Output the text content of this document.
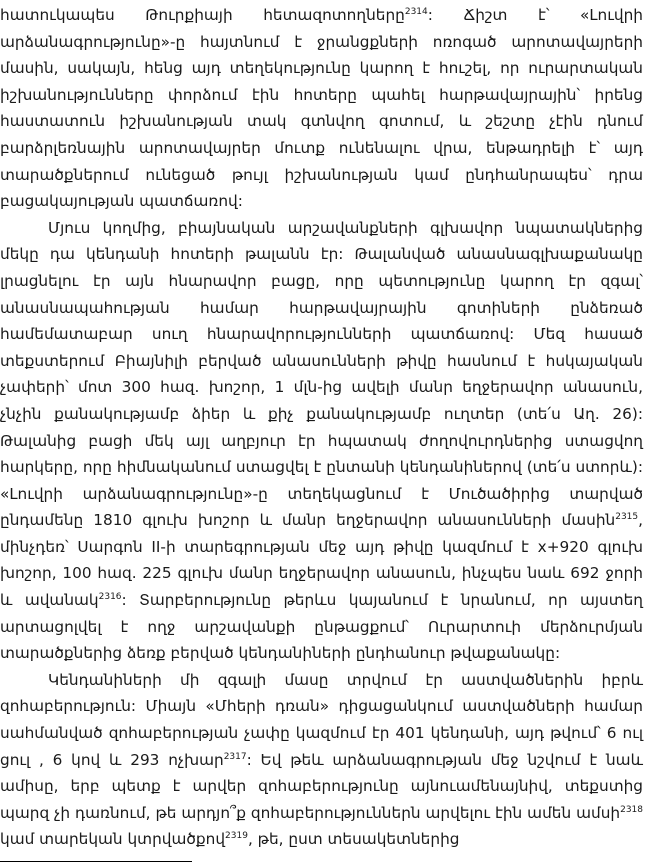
հատուկապես Թուրքիայի հետազոտողները$^{2314}$: Ճիշտ է՝ «Լուվրի արձանագրությունը»-ը հայտնում է ջրանցքների ոռոգած արոտավայրերի մասին, սակայն, հենց այդ տեղեկությունը կարող է հուշել, որ ուրարտական իշխանությունները փորձում էին հոտերը պահել հարթավայրային՝ իրենց հաստատուն իշխանության տակ գտնվող գոտում, և շեշտը չէին դնում բարձրլեռնային արոտավայրեր մուտք ունենալու վրա, ենթադրելի է՝ այդ տարածքներում ունեցած թույլ իշխանության կամ ընդհանրապես՝ դրա բացակայության պատճառով:

Մյուս կողմից, բիայնական արշավանքների գլխավոր նպատակներից մեկը դա կենդանի հոտերի թալանն էր: Թալանված անասնագլխաքանակը լրացնելու էր այն հնարավոր բացը, որը պետությունը կարող էր զգալ՝ անասնապահության համար հարթավայրային գոտիների ընձեռած համեմատաբար սուղ հնարավորությունների պատճառով: Մեզ հասած տեքստերում Բիայնիլի բերված անասունների թիվը հասնում է հսկայական չափերի՝ մոտ 300 հազ. խոշոր, 1 մլն-ից ավելի մանր եղջերավոր անասուն, չնչին քանակությամբ ձիեր և քիչ քանակությամբ ուղտեր (տե՛ս Աղ. 26): Թալանից բացի մեկ այլ աղբյուր էր հպատակ ժողովուրդներից ստացվող հարկերը, որը հիմնականում ստացվել է ընտանի կենդանիներով (տե՛ս ստորև): «Լուվրի արձանագրությունը»-ը տեղեկացնում է Մուծածիրից տարված ընդամենը 1810 գլուխ խոշոր և մանր եղջերավոր անասունների մասին$^{2315}$, մինչդեռ՝ Սարգոն II-ի տարեգրության մեջ այդ թիվը կազմում է x+920 գլուխ խոշոր, 100 հազ. 225 գլուխ մանր եղջերավոր անասուն, ինչպես նաև 692 ջորի և ավանակ$^{2316}$: Տարբերությունը թերևս կայանում է նրանում, որ այստեղ արտացոլվել է ողջ արշավանքի ընթացքում՝ Ուրարտուի մերձուրմյան տարածքներից ձեռք բերված կենդանիների ընդհանուր թվաքանակը:

Կենդանիների մի զգալի մասը տրվում էր աստվածներին իբրև զոհաբերություն: Միայն «Մհերի դռան» դիցացանկում աստվածների համար սահմանված զոհաբերության չափը կազմում էր 401 կենդանի, այդ թվում՝ 6 ուլ ցուլ , 6 կով և 293 ոչխար$^{2317}$: Եվ թեև արձանագրության մեջ նշվում է նաև ամիսը, երբ պետք է արվեր զոհաբերությունը այնուամենայնիվ, տեքստից պարզ չի դառնում, թե արդյո՞ք զոհաբերություններն արվելու էին ամեն ամսի$^{2318}$ կամ տարեկան կտրվածքով$^{2319}$, թե, ըստ տեսակետներից
